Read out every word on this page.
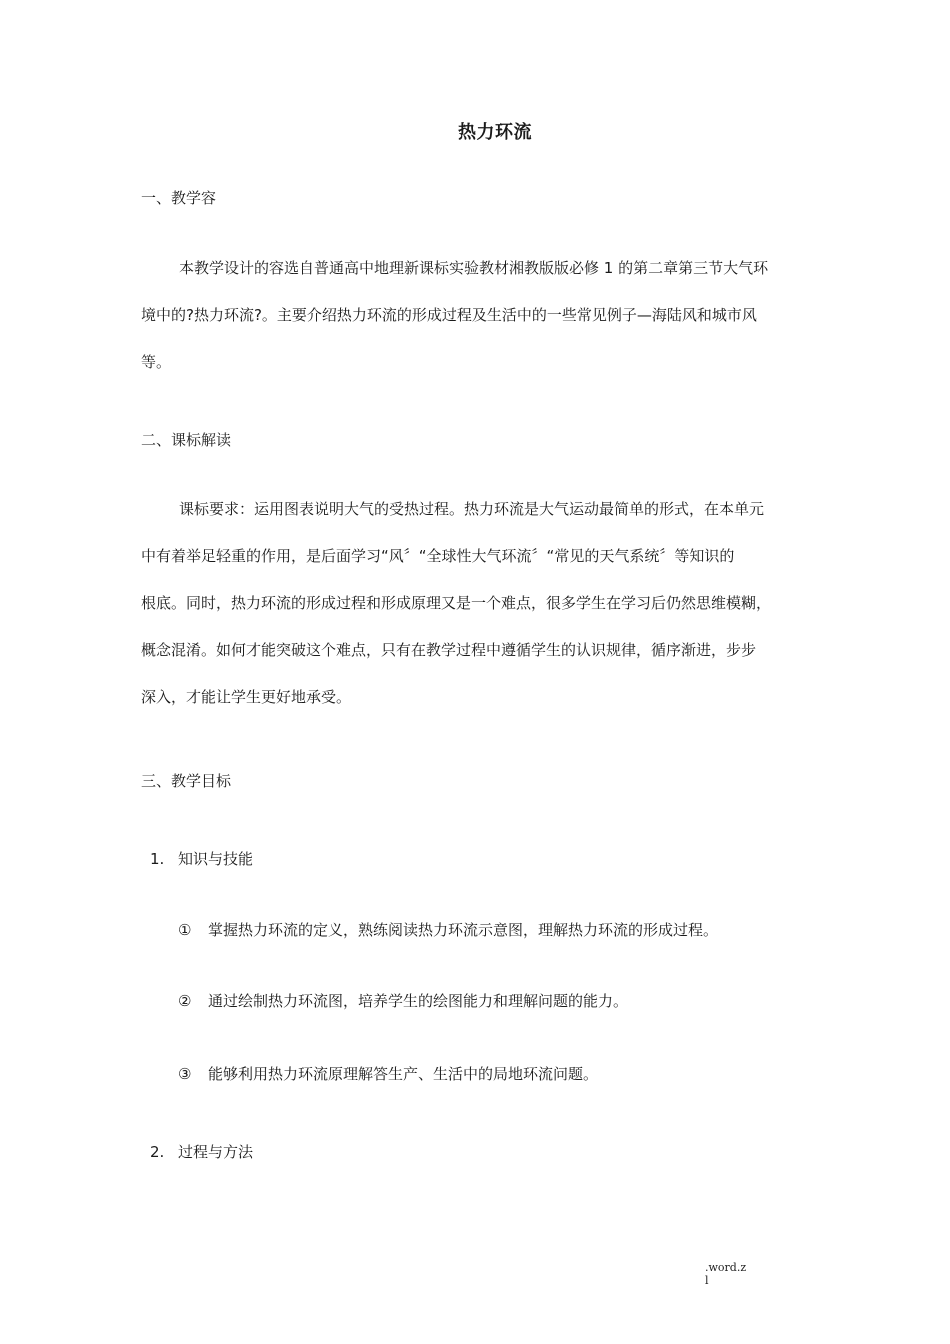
热力环流
一、教学容

本教学设计的容选自普通高中地理新课标实验教材湘教版版必修 1 的第二章第三节大气环
境中的?热力环流?。主要介绍热力环流的形成过程及生活中的一些常见例子—海陆风和城市风
等。

二、课标解读

课标要求：运用图表说明大气的受热过程。热力环流是大气运动最简单的形式，在本单元
中有着举足轻重的作用，是后面学习“风〞“全球性大气环流〞“常见的天气系统〞等知识的
根底。同时，热力环流的形成过程和形成原理又是一个难点，很多学生在学习后仍然思维模糊，
概念混淆。如何才能突破这个难点，只有在教学过程中遵循学生的认识规律，循序渐进，步步
深入，才能让学生更好地承受。

三、教学目标
1. 知识与技能
① 掌握热力环流的定义，熟练阅读热力环流示意图，理解热力环流的形成过程。
② 通过绘制热力环流图，培养学生的绘图能力和理解问题的能力。
③ 能够利用热力环流原理解答生产、生活中的局地环流问题。
2. 过程与方法
.word.z
l
